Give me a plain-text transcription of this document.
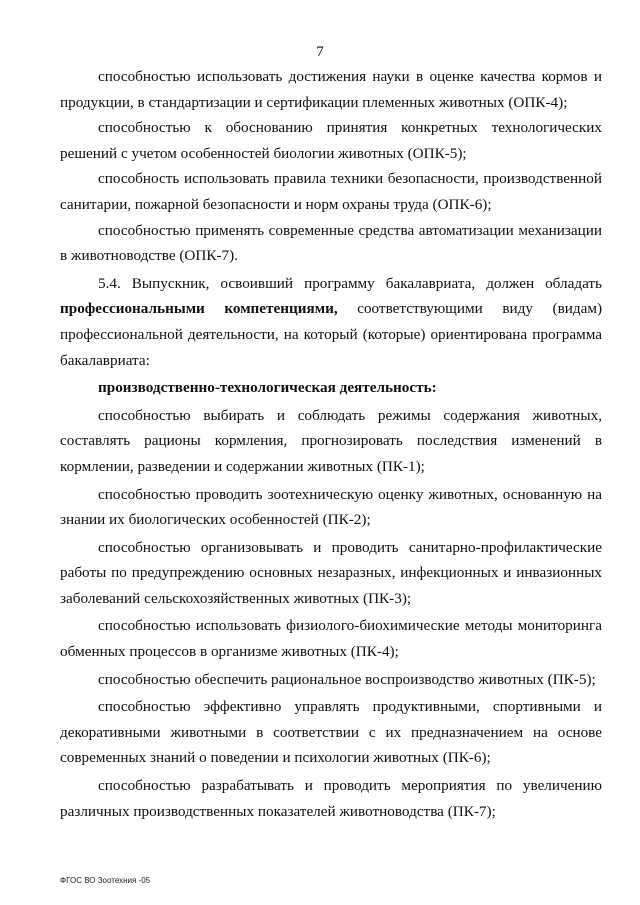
7

способностью использовать достижения науки в оценке качества кормов и продукции, в стандартизации и сертификации племенных животных (ОПК-4);

способностью к обоснованию принятия конкретных технологических решений с учетом особенностей биологии животных (ОПК-5);

способность использовать правила техники безопасности, производственной санитарии, пожарной безопасности и норм охраны труда (ОПК-6);

способностью применять современные средства автоматизации механизации в животноводстве (ОПК-7).

5.4. Выпускник, освоивший программу бакалавриата, должен обладать профессиональными компетенциями, соответствующими виду (видам) профессиональной деятельности, на который (которые) ориентирована программа бакалавриата:

производственно-технологическая деятельность:

способностью выбирать и соблюдать режимы содержания животных, составлять рационы кормления, прогнозировать последствия изменений в кормлении, разведении и содержании животных (ПК-1);

способностью проводить зоотехническую оценку животных, основанную на знании их биологических особенностей (ПК-2);

способностью организовывать и проводить санитарно-профилактические работы по предупреждению основных незаразных, инфекционных и инвазионных заболеваний сельскохозяйственных животных (ПК-3);

способностью использовать физиолого-биохимические методы мониторинга обменных процессов в организме животных (ПК-4);

способностью обеспечить рациональное воспроизводство животных (ПК-5);

способностью эффективно управлять продуктивными, спортивными и декоративными животными в соответствии с их предназначением на основе современных знаний о поведении и психологии животных (ПК-6);

способностью разрабатывать и проводить мероприятия по увеличению различных производственных показателей животноводства (ПК-7);

ФГОС ВО Зоотехния -05
